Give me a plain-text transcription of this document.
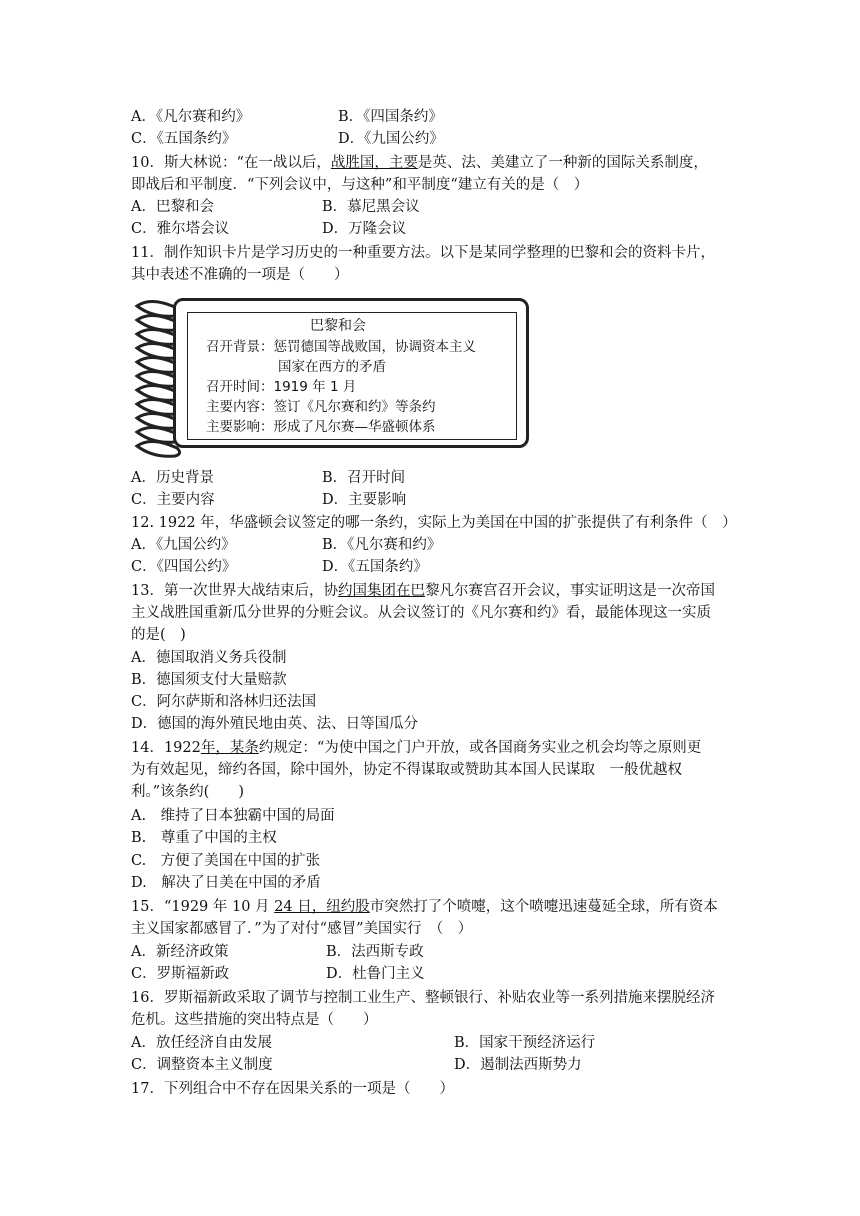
A．《凡尔赛和约》	B．《四国条约》
C．《五国条约》	D．《九国公约》
10．斯大林说：“在一战以后，战胜国，主要是英、法、美建立了一种新的国际关系制度，
即战后和平制度．“下列会议中，与这种”和平制度“建立有关的是（　）
A．巴黎和会	B．慕尼黑会议
C．雅尔塔会议	D．万隆会议
11．制作知识卡片是学习历史的一种重要方法。以下是某同学整理的巴黎和会的资料卡片，
其中表述不准确的一项是（　　）
巴黎和会
召开背景：惩罚德国等战败国，协调资本主义
国家在西方的矛盾
召开时间：1919 年 1 月
主要内容：签订《凡尔赛和约》等条约
主要影响：形成了凡尔赛—华盛顿体系
A．历史背景	B．召开时间
C．主要内容	D．主要影响
12. 1922 年，华盛顿会议签定的哪一条约，实际上为美国在中国的扩张提供了有利条件（　）
A．《九国公约》	B．《凡尔赛和约》
C．《四国公约》	D．《五国条约》
13．第一次世界大战结束后，协约国集团在巴黎凡尔赛宫召开会议，事实证明这是一次帝国
主义战胜国重新瓜分世界的分赃会议。从会议签订的《凡尔赛和约》看，最能体现这一实质
的是(　)
A．德国取消义务兵役制
B．德国须支付大量赔款
C．阿尔萨斯和洛林归还法国
D．德国的海外殖民地由英、法、日等国瓜分
14．1922年，某条约规定：“为使中国之门户开放，或各国商务实业之机会均等之原则更
为有效起见，缔约各国，除中国外，协定不得谋取或赞助其本国人民谋取　一般优越权
利。”该条约(　　)
A.　维持了日本独霸中国的局面
B.　尊重了中国的主权
C.　方便了美国在中国的扩张
D.　解决了日美在中国的矛盾
15．“1929 年 10 月 24 日，纽约股市突然打了个喷嚏，这个喷嚏迅速蔓延全球，所有资本
主义国家都感冒了．”为了对付“感冒”美国实行　（　）
A．新经济政策	B．法西斯专政
C．罗斯福新政	D．杜鲁门主义
16．罗斯福新政采取了调节与控制工业生产、整顿银行、补贴农业等一系列措施来摆脱经济
危机。这些措施的突出特点是（　　）
A．放任经济自由发展	B．国家干预经济运行
C．调整资本主义制度	D．遏制法西斯势力
17．下列组合中不存在因果关系的一项是（　　）
